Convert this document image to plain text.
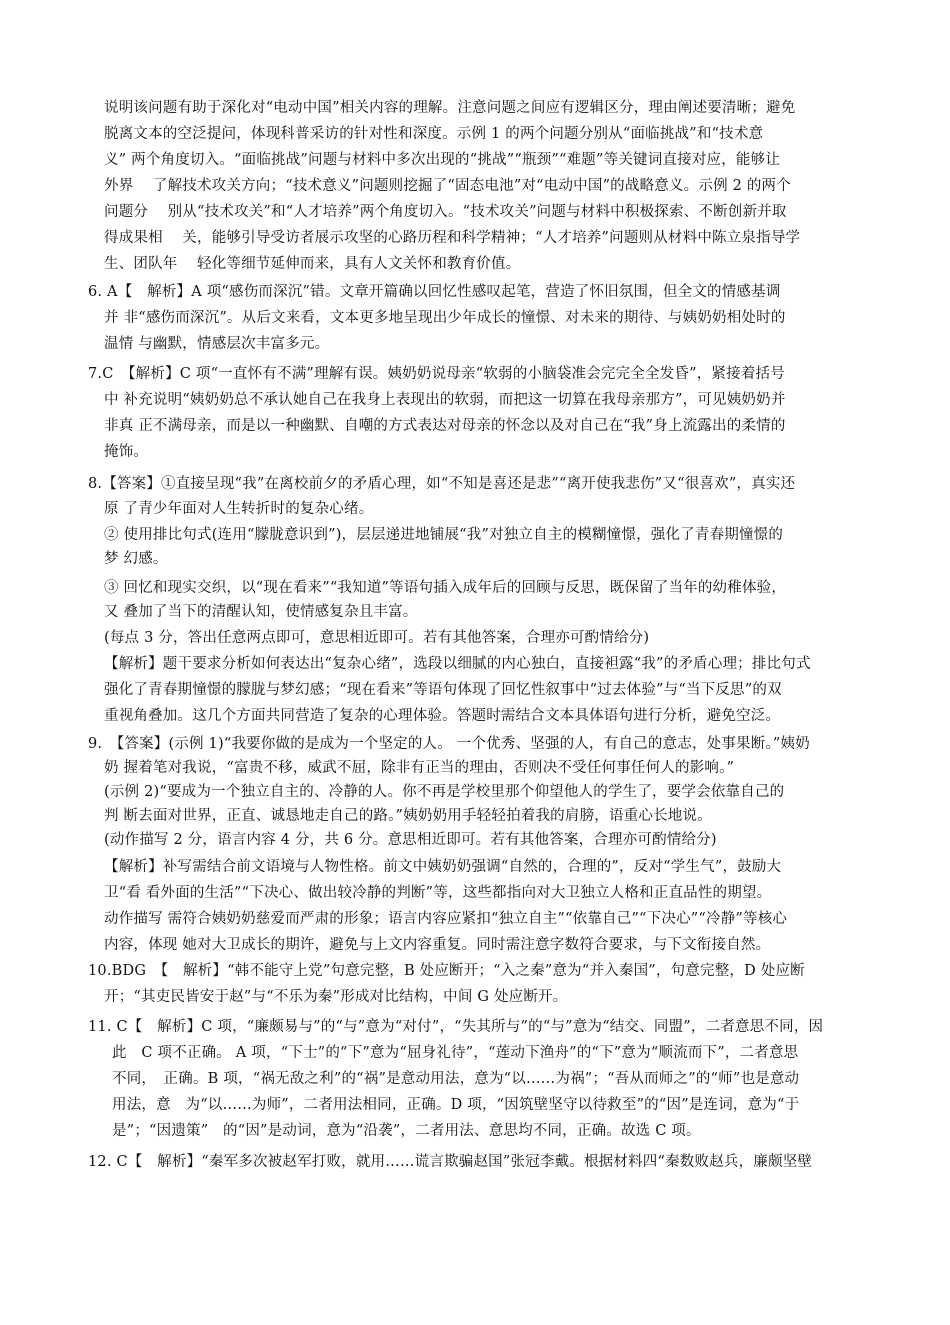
说明该问题有助于深化对“电动中国”相关内容的理解。注意问题之间应有逻辑区分，理由阐述要清晰；避免
脱离文本的空泛提问，体现科普采访的针对性和深度。示例 1 的两个问题分别从“面临挑战”和“技术意
义” 两个角度切入。“面临挑战”问题与材料中多次出现的“挑战”“瓶颈”“难题”等关键词直接对应，能够让
外界　 了解技术攻关方向；“技术意义”问题则挖掘了“固态电池”对“电动中国”的战略意义。示例 2 的两个
问题分　 别从“技术攻关”和“人才培养”两个角度切入。“技术攻关”问题与材料中积极探索、不断创新并取
得成果相　 关，能够引导受访者展示攻坚的心路历程和科学精神；“人才培养”问题则从材料中陈立泉指导学
生、团队年　 轻化等细节延伸而来，具有人文关怀和教育价值。
6. A【　解析】A 项“感伤而深沉”错。文章开篇确以回忆性感叹起笔，营造了怀旧氛围，但全文的情感基调
并 非“感伤而深沉”。从后文来看，文本更多地呈现出少年成长的憧憬、对未来的期待、与姨奶奶相处时的
温情 与幽默，情感层次丰富多元。
7.C　【解析】C 项“一直怀有不满”理解有误。姨奶奶说母亲“软弱的小脑袋准会完完全全发昏”，紧接着括号
中 补充说明“姨奶奶总不承认她自己在我身上表现出的软弱，而把这一切算在我母亲那方”，可见姨奶奶并
非真 正不满母亲，而是以一种幽默、自嘲的方式表达对母亲的怀念以及对自己在“我”身上流露出的柔情的
掩饰。
8.【答案】①直接呈现“我”在离校前夕的矛盾心理，如“不知是喜还是悲”“离开使我悲伤”又“很喜欢”，真实还
原 了青少年面对人生转折时的复杂心绪。
② 使用排比句式(连用“朦胧意识到”)，层层递进地铺展“我”对独立自主的模糊憧憬，强化了青春期憧憬的
梦 幻感。
③ 回忆和现实交织，以“现在看来”“我知道”等语句插入成年后的回顾与反思，既保留了当年的幼稚体验，
又 叠加了当下的清醒认知，使情感复杂且丰富。
(每点 3 分，答出任意两点即可，意思相近即可。若有其他答案，合理亦可酌情给分)
【解析】题干要求分析如何表达出“复杂心绪”，选段以细腻的内心独白，直接袒露“我”的矛盾心理；排比句式
强化了青春期憧憬的朦胧与梦幻感；“现在看来”等语句体现了回忆性叙事中“过去体验”与“当下反思”的双
重视角叠加。这几个方面共同营造了复杂的心理体验。答题时需结合文本具体语句进行分析，避免空泛。
9.　【答案】(示例 1)“我要你做的是成为一个坚定的人。 一个优秀、坚强的人，有自己的意志，处事果断。”姨奶
奶 握着笔对我说，“富贵不移，威武不屈，除非有正当的理由，否则决不受任何事任何人的影响。”
(示例 2)“要成为一个独立自主的、冷静的人。你不再是学校里那个仰望他人的学生了，要学会依靠自己的
判 断去面对世界，正直、诚恳地走自己的路。”姨奶奶用手轻轻拍着我的肩膀，语重心长地说。
(动作描写 2 分，语言内容 4 分，共 6 分。意思相近即可。若有其他答案，合理亦可酌情给分)
【解析】补写需结合前文语境与人物性格。前文中姨奶奶强调“自然的，合理的”，反对“学生气”，鼓励大
卫“看 看外面的生活”“下决心、做出较冷静的判断”等，这些都指向对大卫独立人格和正直品性的期望。
动作描写 需符合姨奶奶慈爱而严肃的形象；语言内容应紧扣“独立自主”“依靠自己”“下决心”“冷静”等核心
内容，体现 她对大卫成长的期许，避免与上文内容重复。同时需注意字数符合要求，与下文衔接自然。
10.BDG　【　解析】“韩不能守上党”句意完整，B 处应断开；“入之秦”意为“并入秦国”，句意完整，D 处应断
开；“其吏民皆安于赵”与“不乐为秦”形成对比结构，中间 G 处应断开。
11. C【　解析】C 项，“廉颇易与”的“与”意为“对付”，“失其所与”的“与”意为“结交、同盟”，二者意思不同，因
此　C 项不正确。 A 项，“下士”的“下”意为“屈身礼待”，“莲动下渔舟”的“下”意为“顺流而下”，二者意思
不同，　正确。B 项，“祸无敌之利”的“祸”是意动用法，意为“以……为祸”；“吾从而师之”的“师”也是意动
用法，意　为“以……为师”，二者用法相同，正确。D 项，“因筑壁坚守以待救至”的“因”是连词，意为“于
是”；“因遗策”　的“因”是动词，意为“沿袭”，二者用法、意思均不同，正确。故选 C 项。
12. C【　解析】“秦军多次被赵军打败，就用……谎言欺骗赵国”张冠李戴。根据材料四“秦数败赵兵，廉颇坚壁
